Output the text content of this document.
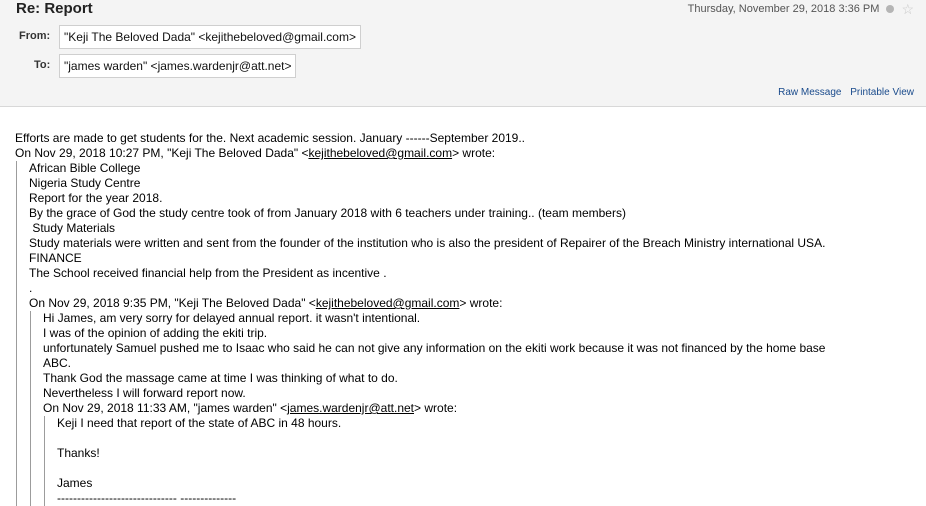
Re: Report	Thursday, November 29, 2018 3:36 PM ☆
From:	"Keji The Beloved Dada" <kejithebeloved@gmail.com>
To:	"james warden" <james.wardenjr@att.net>
Raw Message Printable View
Efforts are made to get students for the. Next academic session. January ------September 2019..
On Nov 29, 2018 10:27 PM, "Keji The Beloved Dada" <kejithebeloved@gmail.com> wrote:
African Bible College
Nigeria Study Centre
Report for the year 2018.
By the grace of God the study centre took of from January 2018 with 6 teachers under training.. (team members)
Study Materials
Study materials were written and sent from the founder of the institution who is also the president of Repairer of the Breach Ministry international USA.
FINANCE
The School received financial help from the President as incentive .
.
On Nov 29, 2018 9:35 PM, "Keji The Beloved Dada" <kejithebeloved@gmail.com> wrote:
Hi James, am very sorry for delayed annual report. it wasn't intentional.
I was of the opinion of adding the ekiti trip.
unfortunately Samuel pushed me to Isaac who said he can not give any information on the ekiti work because it was not financed by the home base
ABC.
Thank God the massage came at time I was thinking of what to do.
Nevertheless I will forward report now.
On Nov 29, 2018 11:33 AM, "james warden" <james.wardenjr@att.net> wrote:
Keji I need that report of the state of ABC in 48 hours.
Thanks!
James
------------------------------ --------------
